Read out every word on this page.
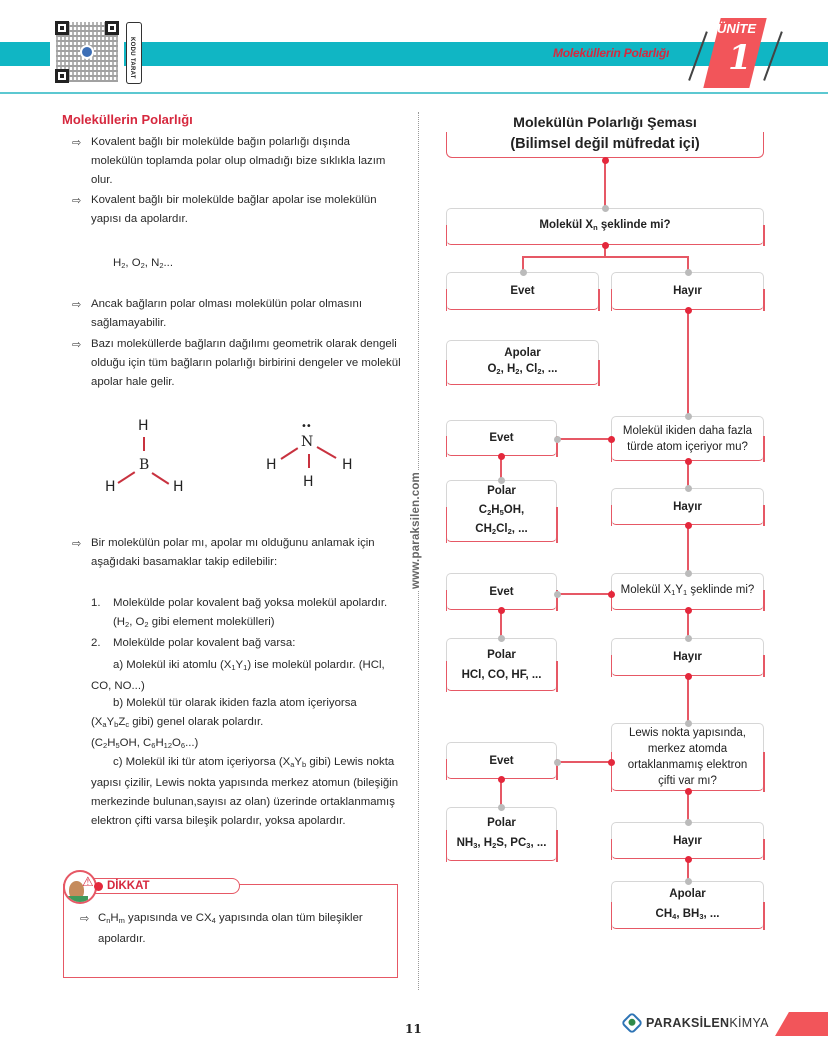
KODU TARAT	Moleküllerin Polarlığı
ÜNİTE
1
Moleküllerin Polarlığı
⇨ Kovalent bağlı bir molekülde bağın polarlığı dışında molekülün toplamda polar olup olmadığı bize sıklıkla lazım olur.
⇨ Kovalent bağlı bir molekülde bağlar apolar ise molekülün yapısı da apolardır.
$H_2$, $O_2$, $N_2$...
⇨ Ancak bağların polar olması molekülün polar olmasını sağlamayabilir.
⇨ Bazı moleküllerde bağların dağılımı geometrik olarak dengeli olduğu için tüm bağların polarlığı birbirini dengeler ve molekül apolar hale gelir.
H
B
H	H
••
N
H	H
H
⇨ Bir molekülün polar mı, apolar mı olduğunu anlamak için aşağıdaki basamaklar takip edilebilir:
1. Molekülde polar kovalent bağ yoksa molekül apolardır.
($H_2$, $O_2$ gibi element molekülleri)
2. Molekülde polar kovalent bağ varsa:
a) Molekül iki atomlu $(X_1Y_1)$ ise molekül polardır. (HCl, CO, NO...)
b) Molekül tür olarak ikiden fazla atom içeriyorsa
($X_aY_bZ_c$ gibi) genel olarak polardır.
($C_2H_5OH$, $C_6H_{12}O_6$...)
c) Molekül iki tür atom içeriyorsa ($X_aY_b$ gibi) Lewis nokta yapısı çizilir, Lewis nokta yapısında merkez atomun (bileşiğin merkezinde bulunan,sayısı az olan) üzerinde ortaklanmamış elektron çifti varsa bileşik polardır, yoksa apolardır.
⚠ DİKKAT
⇨ $C_nH_m$ yapısında ve $CX_4$ yapısında olan tüm bileşikler apolardır.
www.paraksilen.com
Molekülün Polarlığı Şeması
(Bilimsel değil müfredat içi)
Molekül $X_n$ şeklinde mi?
Evet	Hayır
Apolar
$O_2$, $H_2$, $Cl_2$, ...
Evet
Molekül ikiden daha fazla türde atom içeriyor mu?
Polar
$C_2H_5OH$,
$CH_2Cl_2$, ...
Hayır
Evet	Molekül $X_1Y_1$ şeklinde mi?
Polar
HCl, CO, HF, ...
Hayır
Evet
Lewis nokta yapısında, merkez atomda ortaklanmamış elektron çifti var mı?
Polar
$NH_3$, $H_2S$, $PC_3$, ...	Hayır
Apolar
$CH_4$, $BH_3$, ...
11	PARAKSİLENKİMYA
